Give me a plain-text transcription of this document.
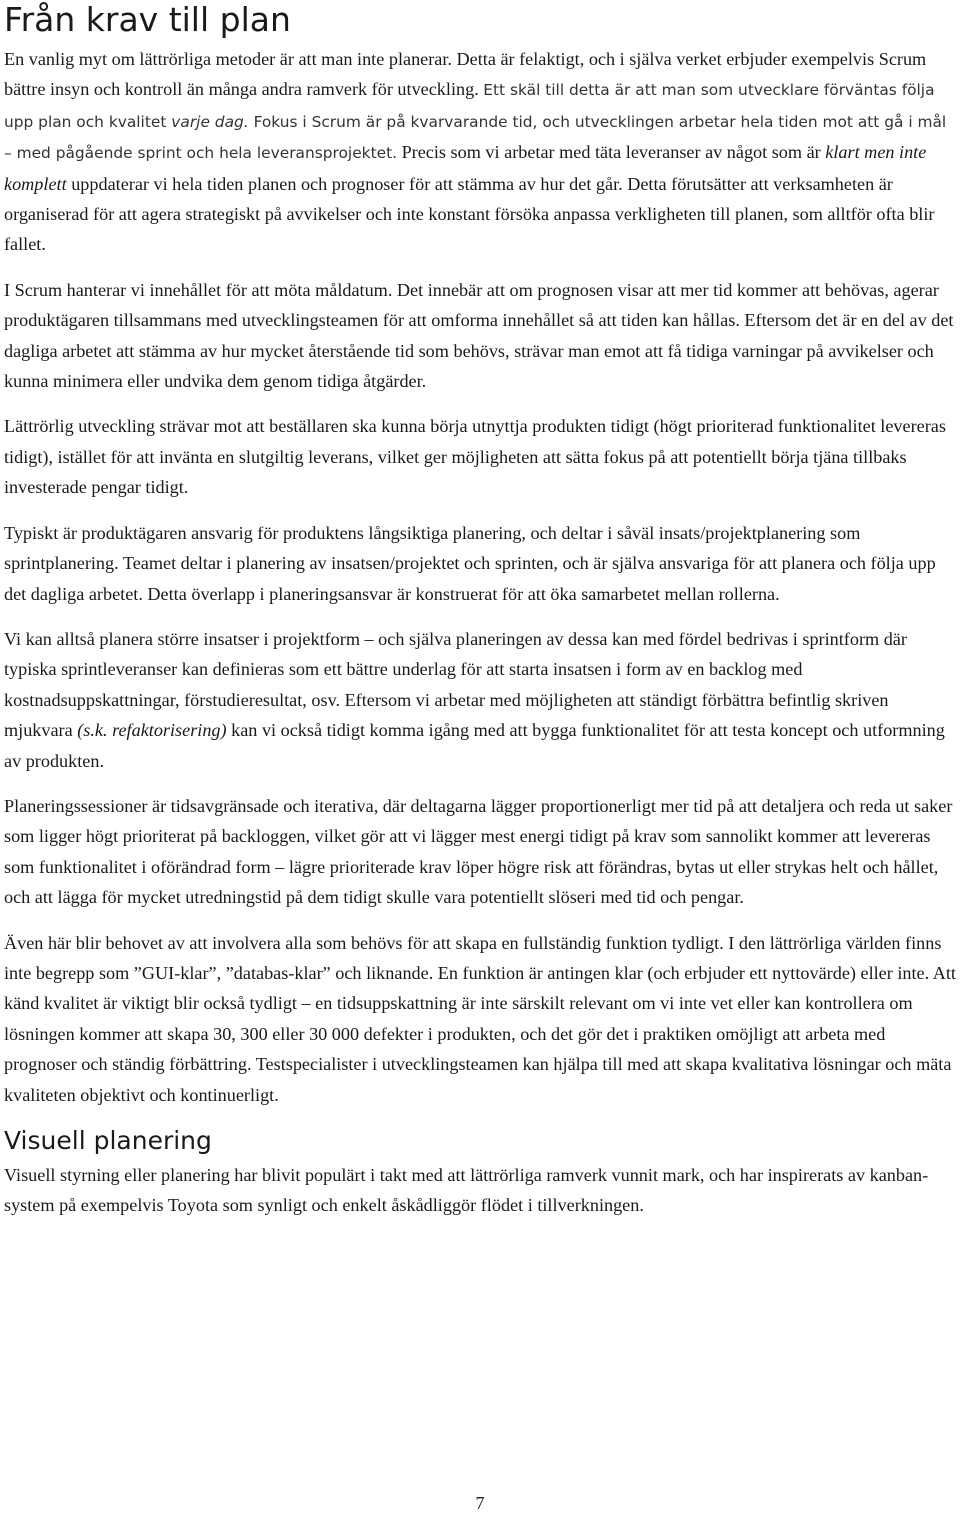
Från krav till plan

En vanlig myt om lättrörliga metoder är att man inte planerar. Detta är felaktigt, och i själva verket erbjuder exempelvis Scrum bättre insyn och kontroll än många andra ramverk för utveckling. Ett skäl till detta är att man som utvecklare förväntas följa upp plan och kvalitet varje dag. Fokus i Scrum är på kvarvarande tid, och utvecklingen arbetar hela tiden mot att gå i mål – med pågående sprint och hela leveransprojektet. Precis som vi arbetar med täta leveranser av något som är klart men inte komplett uppdaterar vi hela tiden planen och prognoser för att stämma av hur det går. Detta förutsätter att verksamheten är organiserad för att agera strategiskt på avvikelser och inte konstant försöka anpassa verkligheten till planen, som alltför ofta blir fallet.

I Scrum hanterar vi innehållet för att möta måldatum. Det innebär att om prognosen visar att mer tid kommer att behövas, agerar produktägaren tillsammans med utvecklingsteamen för att omforma innehållet så att tiden kan hållas. Eftersom det är en del av det dagliga arbetet att stämma av hur mycket återstående tid som behövs, strävar man emot att få tidiga varningar på avvikelser och kunna minimera eller undvika dem genom tidiga åtgärder.

Lättrörlig utveckling strävar mot att beställaren ska kunna börja utnyttja produkten tidigt (högt prioriterad funktionalitet levereras tidigt), istället för att invänta en slutgiltig leverans, vilket ger möjligheten att sätta fokus på att potentiellt börja tjäna tillbaks investerade pengar tidigt.

Typiskt är produktägaren ansvarig för produktens långsiktiga planering, och deltar i såväl insats/projektplanering som sprintplanering. Teamet deltar i planering av insatsen/projektet och sprinten, och är själva ansvariga för att planera och följa upp det dagliga arbetet. Detta överlapp i planeringsansvar är konstruerat för att öka samarbetet mellan rollerna.

Vi kan alltså planera större insatser i projektform – och själva planeringen av dessa kan med fördel bedrivas i sprintform där typiska sprintleveranser kan definieras som ett bättre underlag för att starta insatsen i form av en backlog med kostnadsuppskattningar, förstudieresultat, osv. Eftersom vi arbetar med möjligheten att ständigt förbättra befintlig skriven mjukvara (s.k. refaktorisering) kan vi också tidigt komma igång med att bygga funktionalitet för att testa koncept och utformning av produkten.

Planeringssessioner är tidsavgränsade och iterativa, där deltagarna lägger proportionerligt mer tid på att detaljera och reda ut saker som ligger högt prioriterat på backloggen, vilket gör att vi lägger mest energi tidigt på krav som sannolikt kommer att levereras som funktionalitet i oförändrad form – lägre prioriterade krav löper högre risk att förändras, bytas ut eller strykas helt och hållet, och att lägga för mycket utredningstid på dem tidigt skulle vara potentiellt slöseri med tid och pengar.

Även här blir behovet av att involvera alla som behövs för att skapa en fullständig funktion tydligt. I den lättrörliga världen finns inte begrepp som ”GUI-klar”, ”databas-klar” och liknande. En funktion är antingen klar (och erbjuder ett nyttovärde) eller inte. Att känd kvalitet är viktigt blir också tydligt – en tidsuppskattning är inte särskilt relevant om vi inte vet eller kan kontrollera om lösningen kommer att skapa 30, 300 eller 30 000 defekter i produkten, och det gör det i praktiken omöjligt att arbeta med prognoser och ständig förbättring. Testspecialister i utvecklingsteamen kan hjälpa till med att skapa kvalitativa lösningar och mäta kvaliteten objektivt och kontinuerligt.

Visuell planering

Visuell styrning eller planering har blivit populärt i takt med att lättrörliga ramverk vunnit mark, och har inspirerats av kanban-system på exempelvis Toyota som synligt och enkelt åskådliggör flödet i tillverkningen.

7
